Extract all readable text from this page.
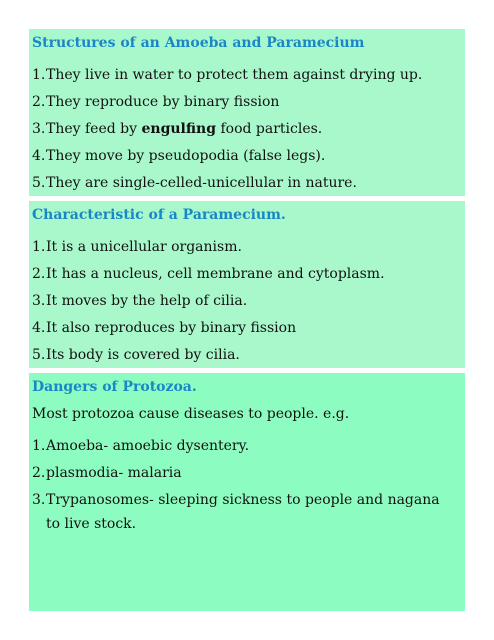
Structures of an Amoeba and Paramecium
1. They live in water to protect them against drying up.
2. They reproduce by binary fission
3. They feed by engulfing food particles.
4. They move by pseudopodia (false legs).
5. They are single-celled-unicellular in nature.
Characteristic of a Paramecium.
1. It is a unicellular organism.
2. It has a nucleus, cell membrane and cytoplasm.
3. It moves by the help of cilia.
4. It also reproduces by binary fission
5. Its body is covered by cilia.
Dangers of Protozoa.
Most protozoa cause diseases to people. e.g.
1. Amoeba- amoebic dysentery.
2. plasmodia- malaria
3. Trypanosomes- sleeping sickness to people and nagana to live stock.
